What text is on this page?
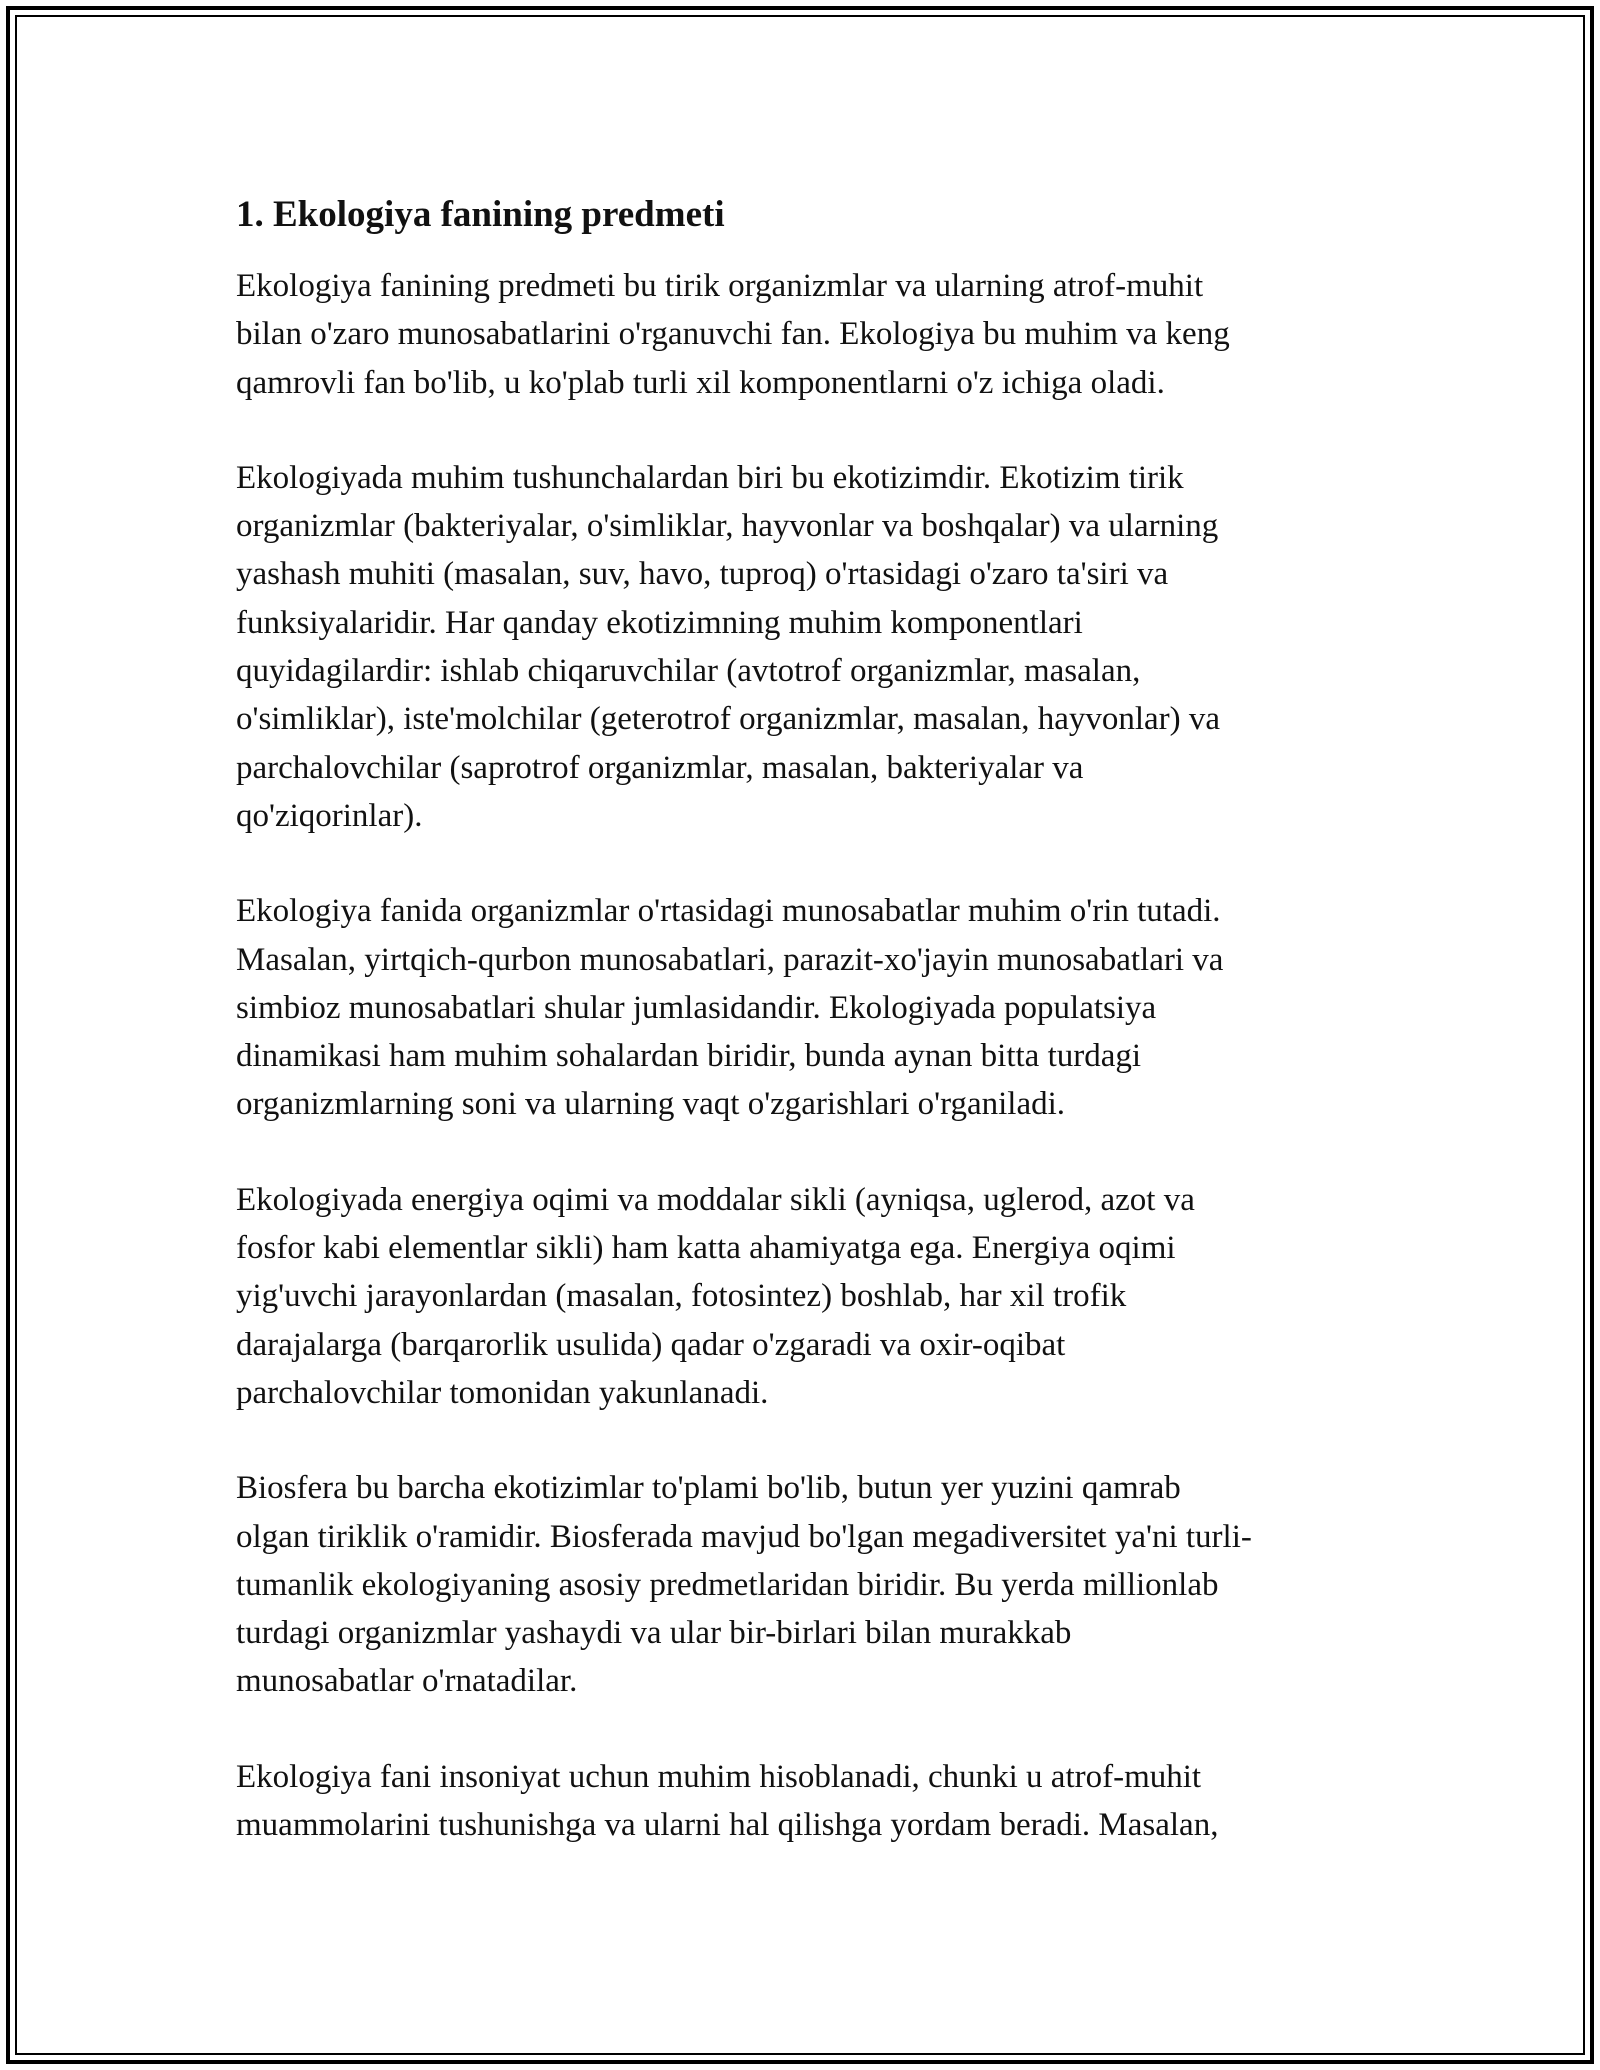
1. Ekologiya fanining predmeti

Ekologiya fanining predmeti bu tirik organizmlar va ularning atrof-muhit
bilan o'zaro munosabatlarini o'rganuvchi fan. Ekologiya bu muhim va keng
qamrovli fan bo'lib, u ko'plab turli xil komponentlarni o'z ichiga oladi.

Ekologiyada muhim tushunchalardan biri bu ekotizimdir. Ekotizim tirik
organizmlar (bakteriyalar, o'simliklar, hayvonlar va boshqalar) va ularning
yashash muhiti (masalan, suv, havo, tuproq) o'rtasidagi o'zaro ta'siri va
funksiyalaridir. Har qanday ekotizimning muhim komponentlari
quyidagilardir: ishlab chiqaruvchilar (avtotrof organizmlar, masalan,
o'simliklar), iste'molchilar (geterotrof organizmlar, masalan, hayvonlar) va
parchalovchilar (saprotrof organizmlar, masalan, bakteriyalar va
qo'ziqorinlar).

Ekologiya fanida organizmlar o'rtasidagi munosabatlar muhim o'rin tutadi.
Masalan, yirtqich-qurbon munosabatlari, parazit-xo'jayin munosabatlari va
simbioz munosabatlari shular jumlasidandir. Ekologiyada populatsiya
dinamikasi ham muhim sohalardan biridir, bunda aynan bitta turdagi
organizmlarning soni va ularning vaqt o'zgarishlari o'rganiladi.

Ekologiyada energiya oqimi va moddalar sikli (ayniqsa, uglerod, azot va
fosfor kabi elementlar sikli) ham katta ahamiyatga ega. Energiya oqimi
yig'uvchi jarayonlardan (masalan, fotosintez) boshlab, har xil trofik
darajalarga (barqarorlik usulida) qadar o'zgaradi va oxir-oqibat
parchalovchilar tomonidan yakunlanadi.

Biosfera bu barcha ekotizimlar to'plami bo'lib, butun yer yuzini qamrab
olgan tiriklik o'ramidir. Biosferada mavjud bo'lgan megadiversitet ya'ni turli-
tumanlik ekologiyaning asosiy predmetlaridan biridir. Bu yerda millionlab
turdagi organizmlar yashaydi va ular bir-birlari bilan murakkab
munosabatlar o'rnatadilar.

Ekologiya fani insoniyat uchun muhim hisoblanadi, chunki u atrof-muhit
muammolarini tushunishga va ularni hal qilishga yordam beradi. Masalan,
